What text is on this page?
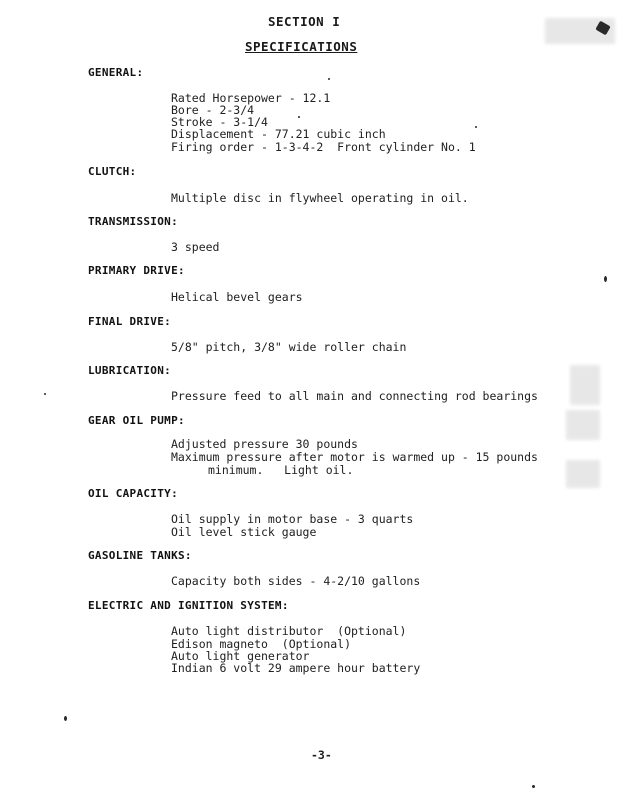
SECTION I
SPECIFICATIONS
GENERAL:
Rated Horsepower - 12.1
Bore - 2-3/4
Stroke - 3-1/4
Displacement - 77.21 cubic inch
Firing order - 1-3-4-2  Front cylinder No. 1
CLUTCH:
Multiple disc in flywheel operating in oil.
TRANSMISSION:
3 speed
PRIMARY DRIVE:
Helical bevel gears
FINAL DRIVE:
5/8" pitch, 3/8" wide roller chain
LUBRICATION:
Pressure feed to all main and connecting rod bearings
GEAR OIL PUMP:
Adjusted pressure 30 pounds
Maximum pressure after motor is warmed up - 15 pounds
minimum.   Light oil.
OIL CAPACITY:
Oil supply in motor base - 3 quarts
Oil level stick gauge
GASOLINE TANKS:
Capacity both sides - 4-2/10 gallons
ELECTRIC AND IGNITION SYSTEM:
Auto light distributor  (Optional)
Edison magneto  (Optional)
Auto light generator
Indian 6 volt 29 ampere hour battery
-3-
